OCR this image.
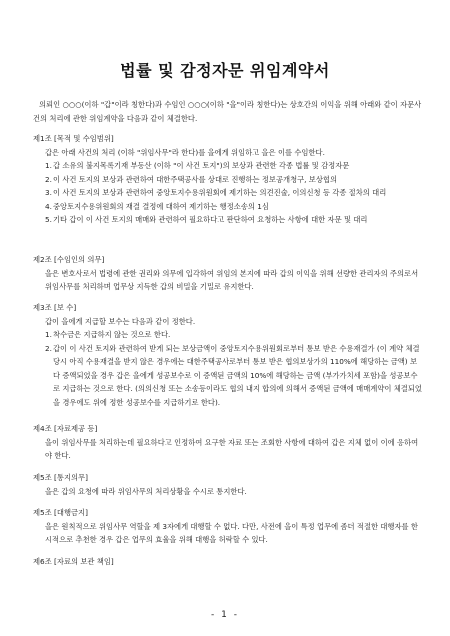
법률 및 감정자문 위임계약서
의뢰인 ○○○(이하 "갑"이라 칭한다)과 수임인 ○○○(이하 "을"이라 칭한다)는 상호간의 이익을 위해 아래와 같이 자문사건의 처리에 관한 위임계약을 다음과 같이 체결한다.
제1조 [목적 및 수임범위]
갑은 아래 사건의 처리 (이하 "위임사무"라 한다)를 을에게 위임하고 을은 이를 수임한다.
1. 갑 소유의 불지목록기재 부동산 (이하 "이 사건 토지")의 보상과 관련한 각종 법률 및 감정자문
2. 이 사건 토지의 보상과 관련하여 대한주택공사를 상대로 진행하는 정보공개청구, 보상협의
3. 이 사건 토지의 보상과 관련하여 중앙토지수용위원회에 제기하는 의견진술, 이의신청 등 각종 절차의 대리
4. 중앙토지수용위원회의 재결 결정에 대하여 제기하는 행정소송의 1심
5. 기타 갑이 이 사건 토지의 매매와 관련하여 필요하다고 판단하여 요청하는 사항에 대한 자문 및 대리
제2조 [수임인의 의무]
을은 변호사로서 법령에 관한 권리와 의무에 입각하여 위임의 본지에 따라 갑의 이익을 위해 선량한 관리자의 주의로서 위임사무를 처리하며 업무상 지득한 갑의 비밀을 기밀로 유지한다.
제3조 [보 수]
갑이 을에게 지급할 보수는 다음과 같이 정한다.
1. 착수금은 지급하지 않는 것으로 한다.
2. 갑이 이 사건 토지와 관련하여 받게 되는 보상금액이 중앙토지수용위원회로부터 통보 받은 수용재결가 (이 계약 체결당시 아직 수용재결을 받지 않은 경우에는 대한주택공사로부터 통보 받은 협의보상가의 110%에 해당하는 금액) 보다 증액되었을 경우 갑은 을에게 성공보수로 이 증액된 금액의 10%에 해당하는 금액 (부가가치세 포함)을 성공보수로 지급하는 것으로 한다. (의의신청 또는 소송등이라도 협의 내지 합의에 의해서 증액된 금액에 매매계약이 체결되었을 경우에도 위에 정한 성공보수를 지급하기로 한다).
제4조 [자료제공 등]
을이 위임사무를 처리하는데 필요하다고 인정하여 요구한 자료 또는 조회한 사항에 대하여 갑은 지체 없이 이에 응하여야 한다.
제5조 [통지의무]
을은 갑의 요청에 따라 위임사무의 처리상황을 수시로 통지한다.
제5조 [대행금지]
을은 원칙적으로 위임사무 역할을 제 3자에게 대행할 수 없다. 다만, 사전에 을이 특정 업무에 좀더 적절한 대행자를 한시적으로 추천한 경우 갑은 업무의 효율을 위해 대행을 허락할 수 있다.
제6조 [자료의 보관 책임]
- 1 -
